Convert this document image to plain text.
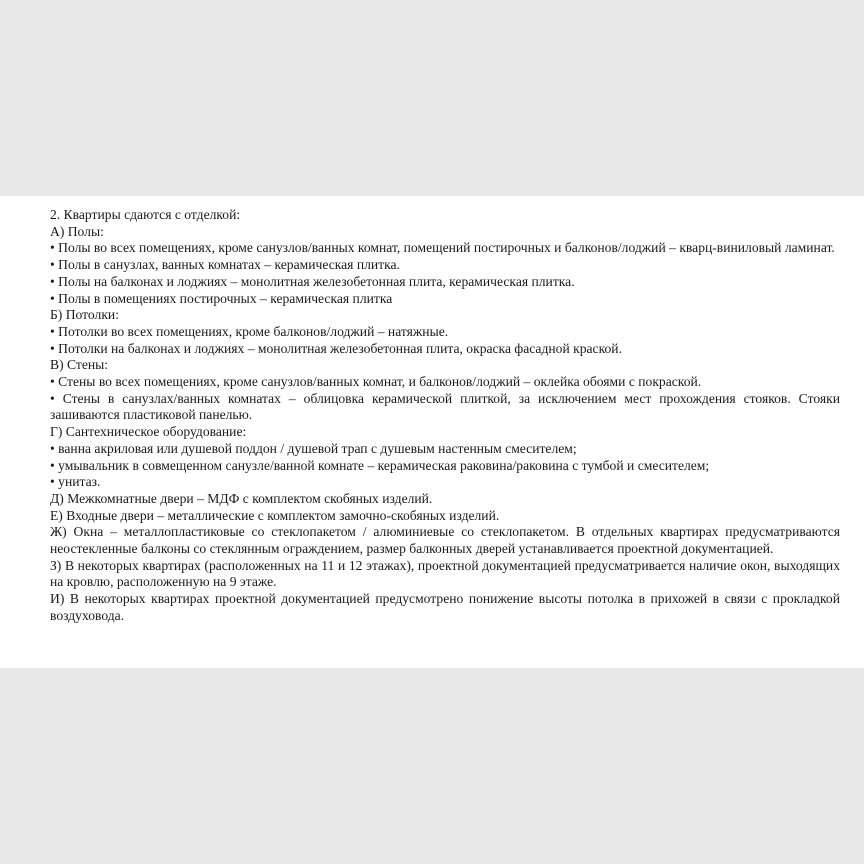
2. Квартиры сдаются с отделкой:

А) Полы:

• Полы во всех помещениях, кроме санузлов/ванных комнат, помещений постирочных и балконов/лоджий – кварц-виниловый ламинат.

• Полы в санузлах, ванных комнатах – керамическая плитка.

• Полы на балконах и лоджиях – монолитная железобетонная плита, керамическая плитка.

• Полы в помещениях постирочных – керамическая плитка

Б) Потолки:

• Потолки во всех помещениях, кроме балконов/лоджий – натяжные.

• Потолки на балконах и лоджиях – монолитная железобетонная плита, окраска фасадной краской.

В) Стены:

• Стены во всех помещениях, кроме санузлов/ванных комнат, и балконов/лоджий – оклейка обоями с покраской.

• Стены в санузлах/ванных комнатах – облицовка керамической плиткой, за исключением мест прохождения стояков. Стояки зашиваются пластиковой панелью.

Г) Сантехническое оборудование:

• ванна акриловая или душевой поддон / душевой трап с душевым настенным смесителем;

• умывальник в совмещенном санузле/ванной комнате – керамическая раковина/раковина с тумбой и смесителем;

• унитаз.

Д) Межкомнатные двери – МДФ с комплектом скобяных изделий.

Е) Входные двери – металлические с комплектом замочно-скобяных изделий.

Ж) Окна – металлопластиковые со стеклопакетом / алюминиевые со стеклопакетом. В отдельных квартирах предусматриваются неостекленные балконы со стеклянным ограждением, размер балконных дверей устанавливается проектной документацией.

З) В некоторых квартирах (расположенных на 11 и 12 этажах), проектной документацией предусматривается наличие окон, выходящих на кровлю, расположенную на 9 этаже.

И) В некоторых квартирах проектной документацией предусмотрено понижение высоты потолка в прихожей в связи с прокладкой воздуховода.
